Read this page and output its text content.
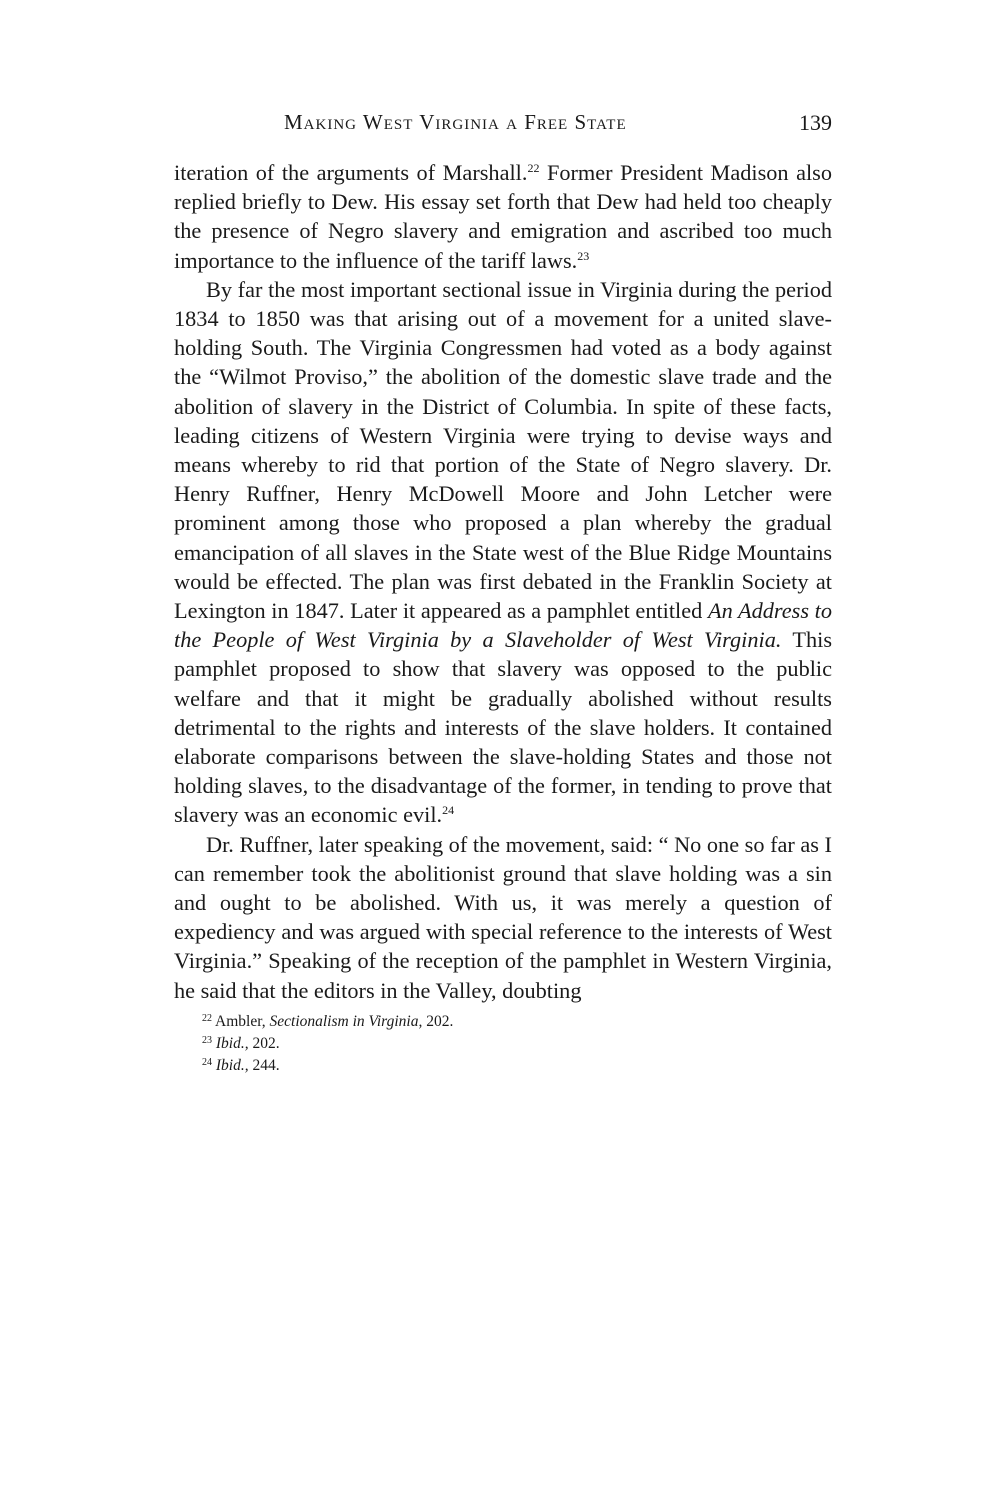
Making West Virginia a Free State	139

iteration of the arguments of Marshall.$^{22}$ Former President Madison also replied briefly to Dew. His essay set forth that Dew had held too cheaply the presence of Negro slavery and emigration and ascribed too much importance to the influence of the tariff laws.$^{23}$

By far the most important sectional issue in Virginia during the period 1834 to 1850 was that arising out of a movement for a united slave-holding South. The Virginia Congressmen had voted as a body against the “Wilmot Proviso,” the abolition of the domestic slave trade and the abolition of slavery in the District of Columbia. In spite of these facts, leading citizens of Western Virginia were trying to devise ways and means whereby to rid that portion of the State of Negro slavery. Dr. Henry Ruffner, Henry McDowell Moore and John Letcher were prominent among those who proposed a plan whereby the gradual emancipation of all slaves in the State west of the Blue Ridge Mountains would be effected. The plan was first debated in the Franklin Society at Lexington in 1847. Later it appeared as a pamphlet entitled An Address to the People of West Virginia by a Slaveholder of West Virginia. This pamphlet proposed to show that slavery was opposed to the public welfare and that it might be gradually abolished without results detrimental to the rights and interests of the slave holders. It contained elaborate comparisons between the slave-holding States and those not holding slaves, to the disadvantage of the former, in tending to prove that slavery was an economic evil.$^{24}$

Dr. Ruffner, later speaking of the movement, said: “ No one so far as I can remember took the abolitionist ground that slave holding was a sin and ought to be abolished. With us, it was merely a question of expediency and was argued with special reference to the interests of West Virginia.” Speaking of the reception of the pamphlet in Western Virginia, he said that the editors in the Valley, doubting

$^{22}$ Ambler, Sectionalism in Virginia, 202.
$^{23}$ Ibid., 202.
$^{24}$ Ibid., 244.
